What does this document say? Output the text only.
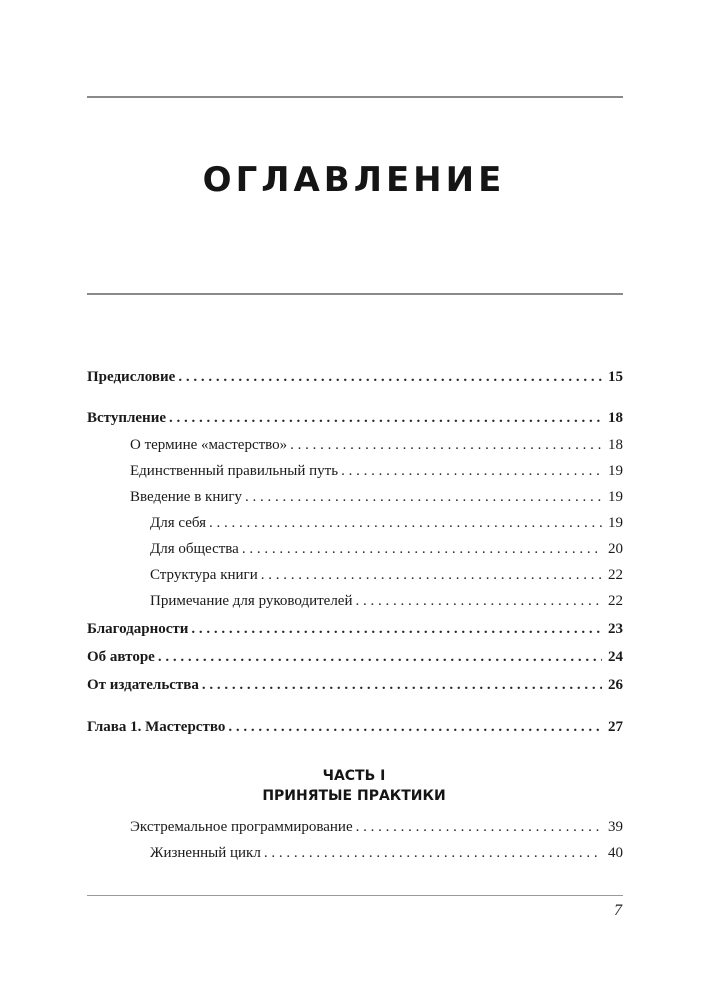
ОГЛАВЛЕНИЕ
Предисловие . . .	15
Вступление . . .	18
О термине «мастерство» . . .	18
Единственный правильный путь . . .	19
Введение в книгу . . .	19
Для себя . . .	19
Для общества . . .	20
Структура книги . . .	22
Примечание для руководителей . . .	22
Благодарности . . .	23
Об авторе . . .	24
От издательства . . .	26
Глава 1. Мастерство . . .	27
ЧАСТЬ I
ПРИНЯТЫЕ ПРАКТИКИ
Экстремальное программирование . . .	39
Жизненный цикл . . .	40
7
